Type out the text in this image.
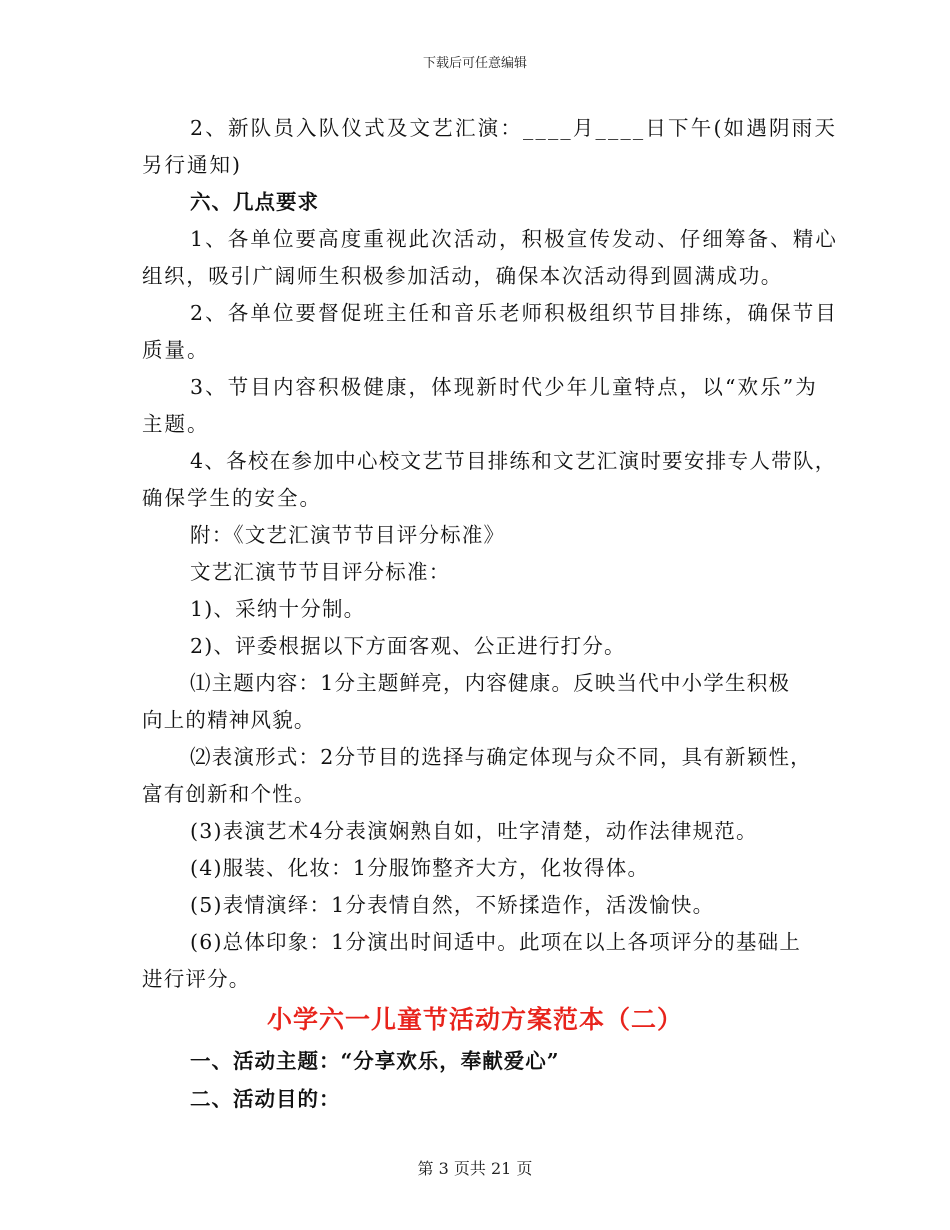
下载后可任意编辑
2、新队员入队仪式及文艺汇演：____月____日下午(如遇阴雨天
另行通知)
六、几点要求
1、各单位要高度重视此次活动，积极宣传发动、仔细筹备、精心
组织，吸引广阔师生积极参加活动，确保本次活动得到圆满成功。
2、各单位要督促班主任和音乐老师积极组织节目排练，确保节目
质量。
3、节目内容积极健康，体现新时代少年儿童特点，以“欢乐”为
主题。
4、各校在参加中心校文艺节目排练和文艺汇演时要安排专人带队，
确保学生的安全。
附：《文艺汇演节节目评分标准》
文艺汇演节节目评分标准：
1)、采纳十分制。
2)、评委根据以下方面客观、公正进行打分。
⑴主题内容：1分主题鲜亮，内容健康。反映当代中小学生积极
向上的精神风貌。
⑵表演形式：2分节目的选择与确定体现与众不同，具有新颖性，
富有创新和个性。
(3)表演艺术4分表演娴熟自如，吐字清楚，动作法律规范。
(4)服装、化妆：1分服饰整齐大方，化妆得体。
(5)表情演绎：1分表情自然，不矫揉造作，活泼愉快。
(6)总体印象：1分演出时间适中。此项在以上各项评分的基础上
进行评分。
小学六一儿童节活动方案范本（二）
一、活动主题：“分享欢乐，奉献爱心”
二、活动目的：
第 3 页共 21 页
